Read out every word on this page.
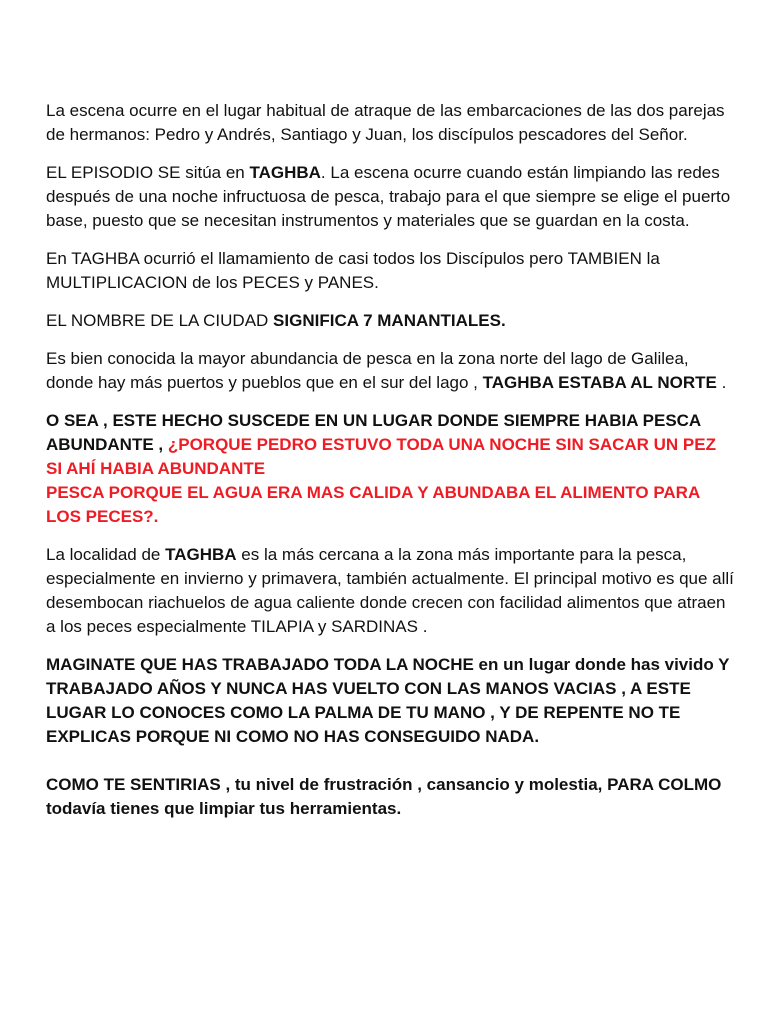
La escena ocurre en el lugar habitual de atraque de las embarcaciones de las dos parejas de hermanos: Pedro y Andrés, Santiago y Juan, los discípulos pescadores del Señor.

EL EPISODIO SE sitúa en TAGHBA. La escena ocurre cuando están limpiando las redes después de una noche infructuosa de pesca, trabajo para el que siempre se elige el puerto base, puesto que se necesitan instrumentos y materiales que se guardan en la costa.

En TAGHBA ocurrió el llamamiento de casi todos los Discípulos pero TAMBIEN la MULTIPLICACION de los PECES y PANES.

EL NOMBRE DE LA CIUDAD SIGNIFICA 7 MANANTIALES.

Es bien conocida la mayor abundancia de pesca en la zona norte del lago de Galilea, donde hay más puertos y pueblos que en el sur del lago , TAGHBA ESTABA AL NORTE .

O SEA , ESTE HECHO SUSCEDE EN UN LUGAR DONDE SIEMPRE HABIA PESCA ABUNDANTE , ¿PORQUE PEDRO ESTUVO TODA UNA NOCHE SIN SACAR UN PEZ SI AHÍ HABIA ABUNDANTE
PESCA PORQUE EL AGUA ERA MAS CALIDA Y ABUNDABA EL ALIMENTO PARA LOS PECES?.

La localidad de TAGHBA es la más cercana a la zona más importante para la pesca, especialmente en invierno y primavera, también actualmente. El principal motivo es que allí desembocan riachuelos de agua caliente donde crecen con facilidad alimentos que atraen a los peces especialmente TILAPIA y SARDINAS .

MAGINATE QUE HAS TRABAJADO TODA LA NOCHE en un lugar donde has vivido Y TRABAJADO AÑOS Y NUNCA HAS VUELTO CON LAS MANOS VACIAS , A ESTE LUGAR LO CONOCES COMO LA PALMA DE TU MANO , Y DE REPENTE NO TE EXPLICAS PORQUE NI COMO NO HAS CONSEGUIDO NADA.

COMO TE SENTIRIAS , tu nivel de frustración , cansancio y molestia, PARA COLMO todavía tienes que limpiar tus herramientas.
